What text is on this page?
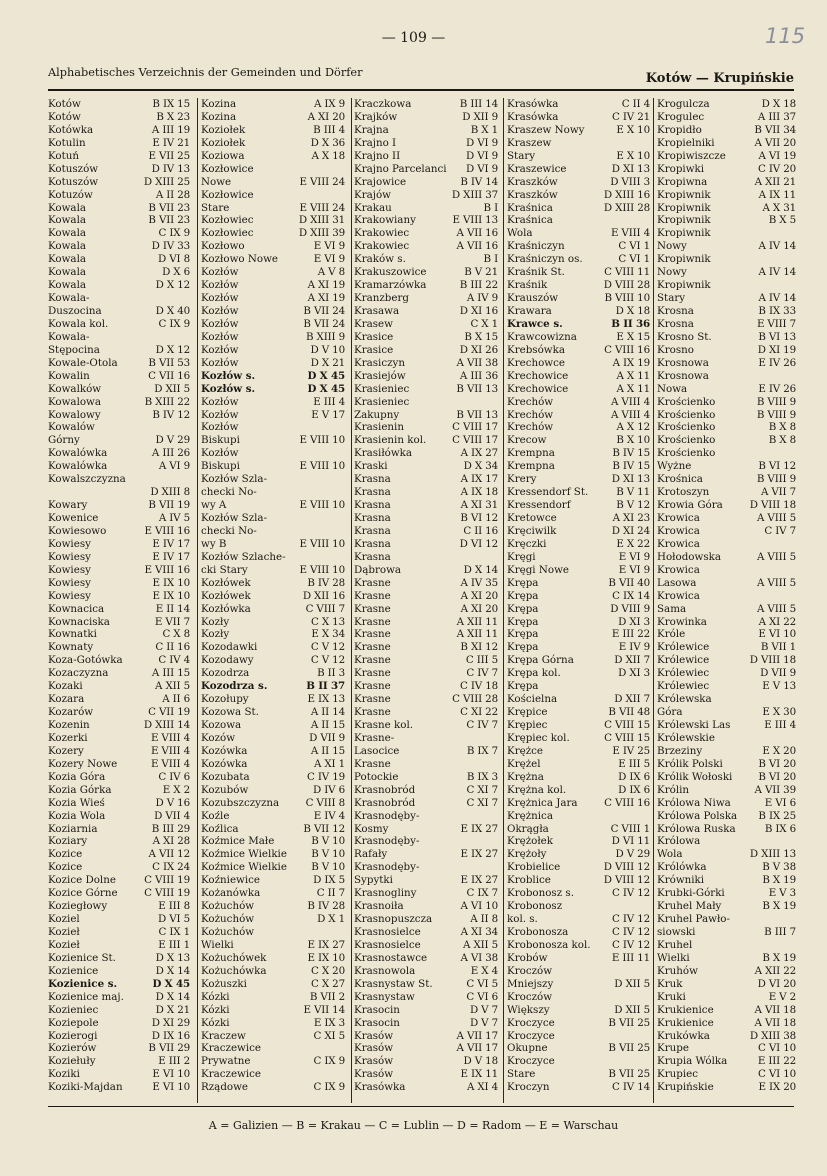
— 109 —	115
Alphabetisches Verzeichnis der Gemeinden und Dörfer	Kotów — Krupińskie
Kotów	B IX 15
Kotów	B X 23
Kotówka	A III 19
Kotulin	E IV 21
Kotuń	E VII 25
Kotuszów	D IV 13
Kotuszów	D XIII 25
Kotuzów	A II 28
Kowala	B VII 23
Kowala	B VII 23
Kowala	C IX 9
Kowala	D IV 33
Kowala	D VI 8
Kowala	D X 6
Kowala	D X 12
Kowala-
Duszocina	D X 40
Kowala kol.	C IX 9
Kowala-
Stępocina	D X 12
Kowale-Otola	B VII 53
Kowalin	C VII 16
Kowalków	D XII 5
Kowalowa	B XIII 22
Kowalowy	B IV 12
Kowalów
Górny	D V 29
Kowalówka	A III 26
Kowalówka	A VI 9
Kowalszczyzna
D XIII 8
Kowary	B VII 19
Kowenice	A IV 5
Kowiesowo	E VIII 16
Kowiesy	E IV 17
Kowiesy	E IV 17
Kowiesy	E VIII 16
Kowiesy	E IX 10
Kowiesy	E IX 10
Kownacica	E II 14
Kownaciska	E VII 7
Kownatki	C X 8
Kownaty	C II 16
Koza-Gotówka	C IV 4
Kozaczyzna	A III 15
Kozaki	A XII 5
Kozara	A II 6
Kozarów	C VII 19
Kozenin	D XIII 14
Kozerki	E VIII 4
Kozery	E VIII 4
Kozery Nowe	E VIII 4
Kozia Góra	C IV 6
Kozia Górka	E X 2
Kozia Wieś	D V 16
Kozia Wola	D VII 4
Koziarnia	B III 29
Koziary	A XI 28
Kozice	A VII 12
Kozice	C IX 24
Kozice Dolne	C VIII 19
Kozice Górne	C VIII 19
Koziegłowy	E III 8
Koziel	D VI 5
Kozieł	C IX 1
Kozieł	E III 1
Kozienice St.	D X 13
Kozienice	D X 14
Kozienice s.	D X 45
Kozienice maj.	D X 14
Kozieniec	D X 21
Koziepole	D XI 29
Kozierogi	D IX 16
Kozierów	B VII 29
Koziełuły	E III 2
Koziki	E VI 10
Koziki-Majdan	E VI 10
Kozina	A IX 9
Kozina	A XI 20
Koziołek	B III 4
Koziołek	D X 36
Koziowa	A X 18
Kozłowice
Nowe	E VIII 24
Kozłowice
Stare	E VIII 24
Kozłowiec	D XIII 31
Kozłowiec	D XIII 39
Kozłowo	E VI 9
Kozłowo Nowe	E VI 9
Kozłów	A V 8
Kozłów	A XI 19
Kozłów	A XI 19
Kozłów	B VII 24
Kozłów	B VII 24
Kozłów	B XIII 9
Kozłów	D V 10
Kozłów	D X 21
Kozłów s.	D X 45
Kozłów s.	D X 45
Kozłów	E III 4
Kozłów	E V 17
Kozłów
Biskupi	E VIII 10
Kozłów
Biskupi	E VIII 10
Kozłów Szla-
checki No-
wy A	E VIII 10
Kozłów Szla-
checki No-
wy B	E VIII 10
Kozłów Szlache-
cki Stary	E VIII 10
Kozłówek	B IV 28
Kozłówek	D XII 16
Kozłówka	C VIII 7
Kozły	C X 13
Kozły	E X 34
Kozodawki	C V 12
Kozodawy	C V 12
Kozodrza	B II 3
Kozodrza s.	B II 37
Kozołupy	E IX 13
Kozowa St.	A II 14
Kozowa	A II 15
Kozów	D VII 9
Kozówka	A II 15
Kozówka	A XI 1
Kozubata	C IV 19
Kozubów	D IV 6
Kozubszczyzna	C VIII 8
Koźle	E IV 4
Koźlica	B VII 12
Koźmice Małe	B V 10
Koźmice Wielkie B V 10
Koźmice Wielkie B V 10
Koźniewice	D IX 5
Kożanówka	C II 7
Kożuchów	B IV 28
Kożuchów	D X 1
Kożuchów
Wielki	E IX 27
Kożuchówek	E IX 10
Kożuchówka	C X 20
Kożuszki	C X 27
Kózki	B VII 2
Kózki	E VII 14
Kózki	E IX 3
Kraczew	C XI 5
Kraczewice
Prywatne	C IX 9
Kraczewice
Rządowe	C IX 9
Kraczkowa	B III 14
Krajków	D XII 9
Krajna	B X 1
Krajno I	D VI 9
Krajno II	D VI 9
Krajno Parcelanci D VI 9
Krajowice	B IV 14
Krajów	D XIII 37
Krakau	B I
Krakowiany	E VIII 13
Krakowiec	A VII 16
Krakowiec	A VII 16
Kraków s.	B I
Krakuszowice	B V 21
Kramarzówka	B III 22
Kranzberg	A IV 9
Krasawa	D XI 16
Krasew	C X 1
Krasice	B X 15
Krasice	D XI 26
Krasiczyn	A VII 38
Krasiejów	A III 36
Krasieniec	B VII 13
Krasieniec
Zakupny	B VII 13
Krasienin	C VIII 17
Krasienin kol.	C VIII 17
Krasiłówka	A IX 27
Kraski	D X 34
Krasna	A IX 17
Krasna	A IX 18
Krasna	A XI 31
Krasna	B VI 12
Krasna	C II 16
Krasna	D VI 12
Krasna
Dąbrowa	D X 14
Krasne	A IV 35
Krasne	A XI 20
Krasne	A XI 20
Krasne	A XII 11
Krasne	A XII 11
Krasne	B XI 12
Krasne	C III 5
Krasne	C IV 7
Krasne	C IV 18
Krasne	C VIII 28
Krasne	C XI 22
Krasne kol.	C IV 7
Krasne-
Lasocice	B IX 7
Krasne
Potockie	B IX 3
Krasnobród	C XI 7
Krasnobród	C XI 7
Krasnodęby-
Kosmy	E IX 27
Krasnodęby-
Rafały	E IX 27
Krasnodęby-
Sypytki	E IX 27
Krasnogliny	C IX 7
Krasnoiła	A VI 10
Krasnopuszcza	A II 8
Krasnosielce	A XI 34
Krasnosielce	A XII 5
Krasnostawce	A VI 38
Krasnowola	E X 4
Krasnystaw St.	C VI 5
Krasnystaw	C VI 6
Krasocin	D V 7
Krasocin	D V 7
Krasów	A VII 17
Krasów	A VII 17
Krasów	D V 18
Krasów	E IX 11
Krasówka	A XI 4
Krasówka	C II 4
Krasówka	C IV 21
Kraszew Nowy	E X 10
Kraszew
Stary	E X 10
Kraszewice	D XI 13
Kraszków	D VIII 3
Kraszków	D XIII 16
Kraśnica	D XIII 28
Kraśnica
Wola	E VIII 4
Kraśniczyn	C VI 1
Kraśniczyn os.	C VI 1
Kraśnik St.	C VIII 11
Kraśnik	D VIII 28
Krauszów	B VIII 10
Krawara	D X 18
Krawce s.	B II 36
Krawcowizna	E X 15
Krebsówka	C VIII 16
Krechowce	A IX 19
Krechowice	A X 11
Krechowice	A X 11
Krechów	A VIII 4
Krechów	A VIII 4
Krechów	A X 12
Krecow	B X 10
Krempna	B IV 15
Krempna	B IV 15
Krery	D XI 13
Kressendorf St.	B V 11
Kressendorf	B V 12
Kretowce	A XI 23
Kręciwilk	D XI 24
Kręczki	E X 22
Kręgi	E VI 9
Kręgi Nowe	E VI 9
Krępa	B VII 40
Krępa	C IX 14
Krępa	D VIII 9
Krępa	D XI 3
Krępa	E III 22
Krępa	E IV 9
Krępa Górna	D XII 7
Krępa kol.	D XI 3
Krępa
Kościelna	D XII 7
Krępice	B VII 48
Krępiec	C VIII 15
Krępiec kol.	C VIII 15
Krężce	E IV 25
Krężel	E III 5
Krężna	D IX 6
Krężna kol.	D IX 6
Krężnica Jara	C VIII 16
Krężnica
Okrągła	C VIII 1
Krężołek	D VI 11
Krężoły	D V 29
Krobielice	D VIII 12
Kroblice	D VIII 12
Krobonosz s.	C IV 12
Krobonosz
kol. s.	C IV 12
Krobonosza	C IV 12
Krobonosza kol. C IV 12
Krobów	E III 11
Kroczów
Mniejszy	D XII 5
Kroczów
Większy	D XII 5
Kroczyce	B VII 25
Kroczyce
Okupne	B VII 25
Kroczyce
Stare	B VII 25
Kroczyn	C IV 14
Krogulcza	D X 18
Krogulec	A III 37
Kropidło	B VII 34
Kropielniki	A VII 20
Kropiwiszcze	A VI 19
Kropiwki	C IV 20
Kropiwna	A XII 21
Kropiwnik	A IX 11
Kropiwnik	A X 31
Kropiwnik	B X 5
Kropiwnik
Nowy	A IV 14
Kropiwnik
Nowy	A IV 14
Kropiwnik
Stary	A IV 14
Krosna	B IX 33
Krosna	E VIII 7
Krosno St.	B VI 13
Krosno	D XI 19
Krosnowa	E IV 26
Krosnowa
Nowa	E IV 26
Krościenko	B VIII 9
Krościenko	B VIII 9
Krościenko	B X 8
Krościenko	B X 8
Krościenko
Wyżne	B VI 12
Krośnica	B VIII 9
Krotoszyn	A VII 7
Krowia Góra	D VIII 18
Krowica	A VIII 5
Krowica	C IV 7
Krowica
Hołodowska	A VIII 5
Krowica
Lasowa	A VIII 5
Krowica
Sama	A VIII 5
Krowinka	A XI 22
Króle	E VI 10
Królewice	B VII 1
Królewice	D VIII 18
Królewiec	D VII 9
Królewiec	E V 13
Królewska
Góra	E X 30
Królewski Las	E III 4
Królewskie
Brzeziny	E X 20
Królik Polski	B VI 20
Królik Wołoski	B VI 20
Królin	A VII 39
Królowa Niwa	E VI 6
Królowa Polska B IX 25
Królowa Ruska	B IX 6
Królowa
Wola	D XIII 13
Królówka	B V 38
Krówniki	B X 19
Krubki-Górki	E V 3
Kruhel Mały	B X 19
Kruhel Pawło-
siowski	B III 7
Kruhel
Wielki	B X 19
Kruhów	A XII 22
Kruk	D VI 20
Kruki	E V 2
Krukienice	A VII 18
Krukienice	A VII 18
Krukówka	D XIII 38
Krupe	C VI 10
Krupia Wólka	E III 22
Krupiec	C VI 10
Krupińskie	E IX 20
A = Galizien — B = Krakau — C = Lublin — D = Radom — E = Warschau
